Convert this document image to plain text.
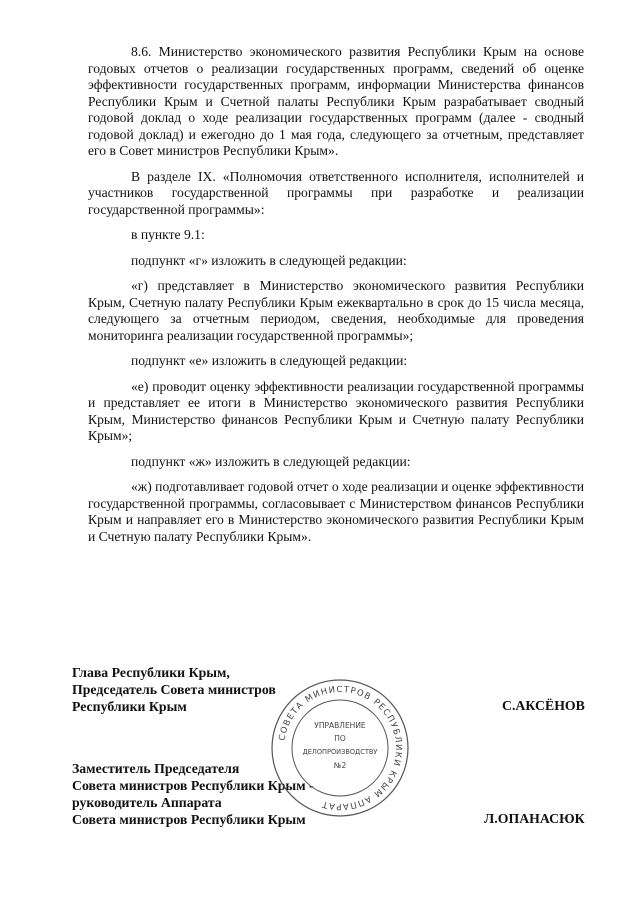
8.6. Министерство экономического развития Республики Крым на основе годовых отчетов о реализации государственных программ, сведений об оценке эффективности государственных программ, информации Министерства финансов Республики Крым и Счетной палаты Республики Крым разрабатывает сводный годовой доклад о ходе реализации государственных программ (далее - сводный годовой доклад) и ежегодно до 1 мая года, следующего за отчетным, представляет его в Совет министров Республики Крым».

В разделе IX. «Полномочия ответственного исполнителя, исполнителей и участников государственной программы при разработке и реализации государственной программы»:

в пункте 9.1:

подпункт «г» изложить в следующей редакции:

«г) представляет в Министерство экономического развития Республики Крым, Счетную палату Республики Крым ежеквартально в срок до 15 числа месяца, следующего за отчетным периодом, сведения, необходимые для проведения мониторинга реализации государственной программы»;

подпункт «е» изложить в следующей редакции:

«е) проводит оценку эффективности реализации государственной программы и представляет ее итоги в Министерство экономического развития Республики Крым, Министерство финансов Республики Крым и Счетную палату Республики Крым»;

подпункт «ж» изложить в следующей редакции:

«ж) подготавливает годовой отчет о ходе реализации и оценке эффективности государственной программы, согласовывает с Министерством финансов Республики Крым и направляет его в Министерство экономического развития Республики Крым и Счетную палату Республики Крым».

Глава Республики Крым,
Председатель Совета министров
Республики Крым	С.АКСЁНОВ
Заместитель Председателя
Совета министров Республики Крым -
руководитель Аппарата
Совета министров Республики Крым	Л.ОПАНАСЮК
СОВЕТА МИНИСТРОВ РЕСПУБЛИКИ КРЫМ АППАРАТ
УПРАВЛЕНИЕ
ПО
ДЕЛОПРОИЗВОДСТВУ
№2
